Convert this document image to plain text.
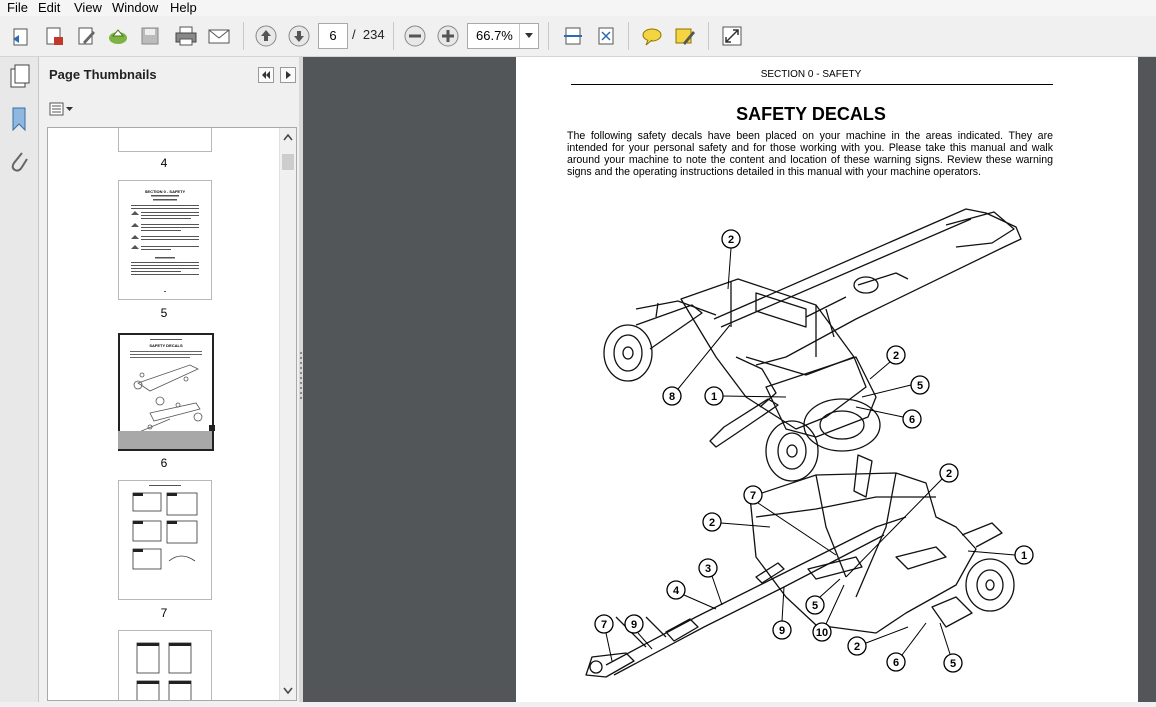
File Edit View Window Help
6	/ 234	66.7%
Page Thumbnails
4
SECTION 0 - SAFETY
5
SAFETY DECALS
6
7
SECTION 0 - SAFETY
SAFETY DECALS
The following safety decals have been placed on your machine in the areas indicated. They are intended for your personal safety and for those working with you. Please take this manual and walk around your machine to note the content and location of these warning signs. Review these warning signs and the operating instructions detailed in this manual with your machine operators.
2
8	1
2
5
6
2
7
2
1
3
4
5
9	10
7 9
2
6	5
